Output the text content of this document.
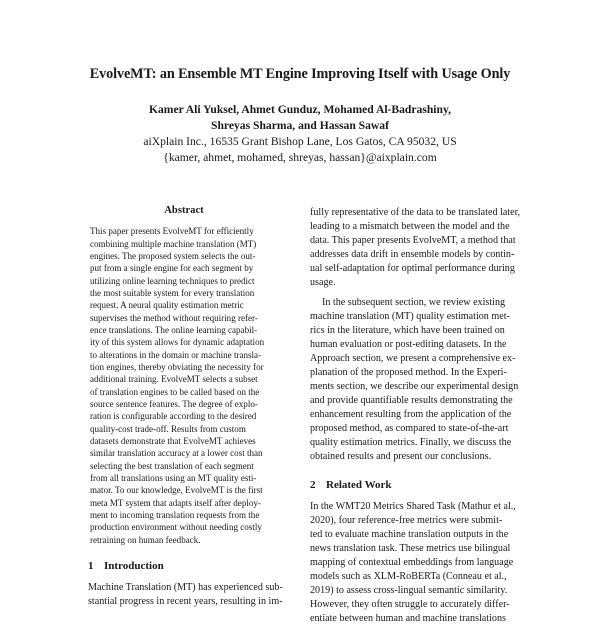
EvolveMT: an Ensemble MT Engine Improving Itself with Usage Only
Kamer Ali Yuksel, Ahmet Gunduz, Mohamed Al-Badrashiny,
Shreyas Sharma, and Hassan Sawaf
aiXplain Inc., 16535 Grant Bishop Lane, Los Gatos, CA 95032, US
{kamer, ahmet, mohamed, shreyas, hassan}@aixplain.com
Abstract
This paper presents EvolveMT for efficiently
combining multiple machine translation (MT)
engines. The proposed system selects the out-
put from a single engine for each segment by
utilizing online learning techniques to predict
the most suitable system for every translation
request. A neural quality estimation metric
supervises the method without requiring refer-
ence translations. The online learning capabil-
ity of this system allows for dynamic adaptation
to alterations in the domain or machine transla-
tion engines, thereby obviating the necessity for
additional training. EvolveMT selects a subset
of translation engines to be called based on the
source sentence features. The degree of explo-
ration is configurable according to the desired
quality-cost trade-off. Results from custom
datasets demonstrate that EvolveMT achieves
similar translation accuracy at a lower cost than
selecting the best translation of each segment
from all translations using an MT quality esti-
mator. To our knowledge, EvolveMT is the first
meta MT system that adapts itself after deploy-
ment to incoming translation requests from the
production environment without needing costly
retraining on human feedback.
1 Introduction
Machine Translation (MT) has experienced sub-
stantial progress in recent years, resulting in im-
fully representative of the data to be translated later,
leading to a mismatch between the model and the
data. This paper presents EvolveMT, a method that
addresses data drift in ensemble models by contin-
ual self-adaptation for optimal performance during
usage.
In the subsequent section, we review existing
machine translation (MT) quality estimation met-
rics in the literature, which have been trained on
human evaluation or post-editing datasets. In the
Approach section, we present a comprehensive ex-
planation of the proposed method. In the Experi-
ments section, we describe our experimental design
and provide quantifiable results demonstrating the
enhancement resulting from the application of the
proposed method, as compared to state-of-the-art
quality estimation metrics. Finally, we discuss the
obtained results and present our conclusions.
2 Related Work
In the WMT20 Metrics Shared Task (Mathur et al.,
2020), four reference-free metrics were submit-
ted to evaluate machine translation outputs in the
news translation task. These metrics use bilingual
mapping of contextual embeddings from language
models such as XLM-RoBERTa (Conneau et al.,
2019) to assess cross-lingual semantic similarity.
However, they often struggle to accurately differ-
entiate between human and machine translations
